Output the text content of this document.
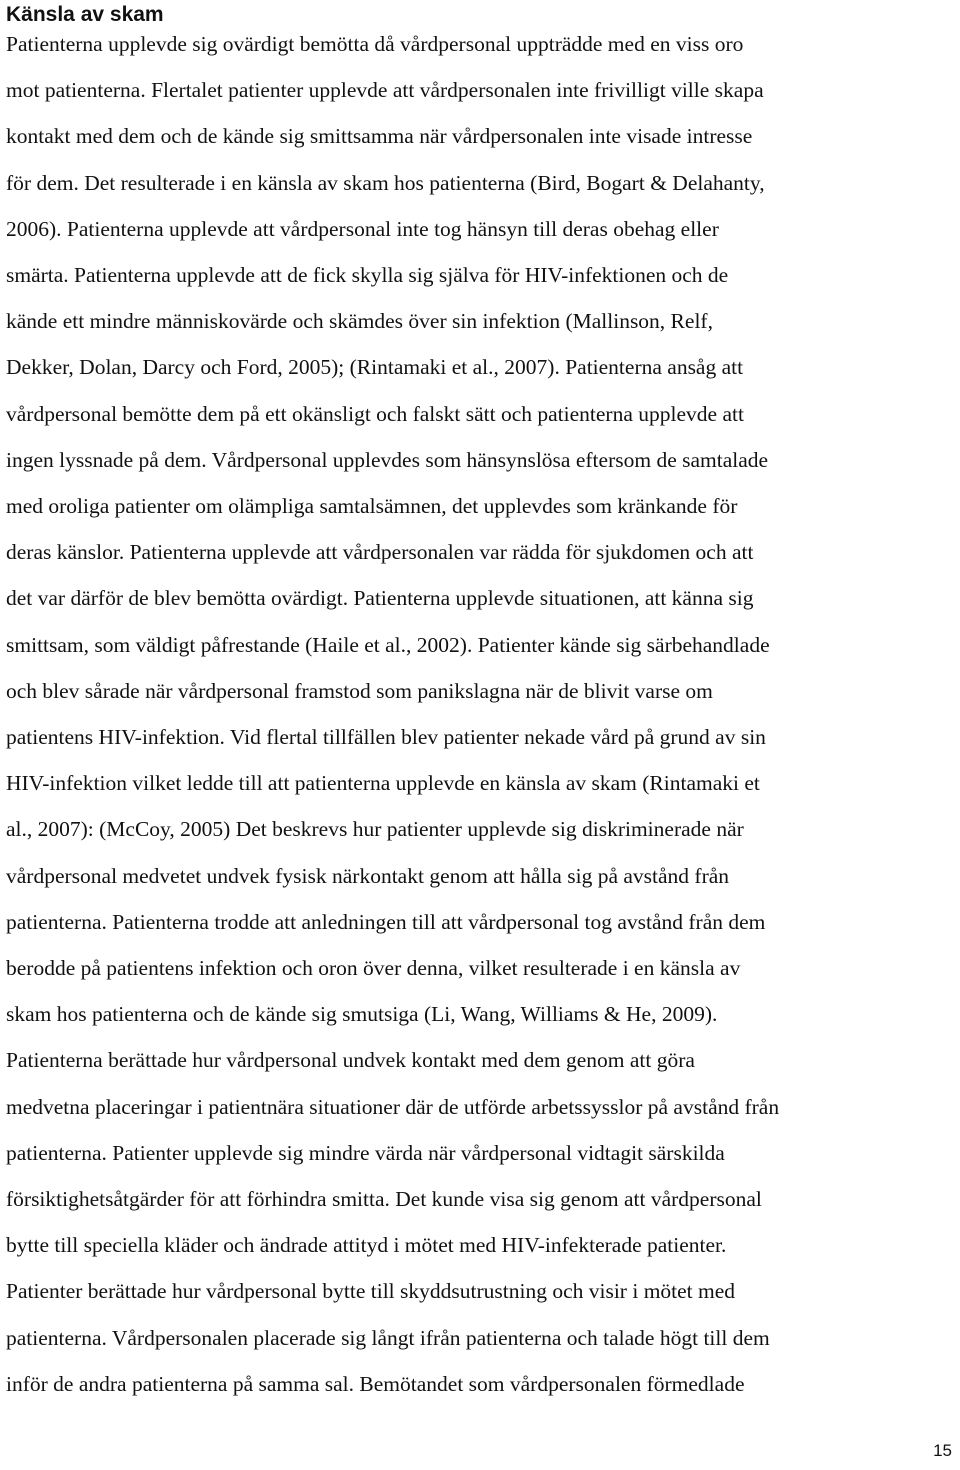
Känsla av skam
Patienterna upplevde sig ovärdigt bemötta då vårdpersonal uppträdde med en viss oro
mot patienterna. Flertalet patienter upplevde att vårdpersonalen inte frivilligt ville skapa
kontakt med dem och de kände sig smittsamma när vårdpersonalen inte visade intresse
för dem. Det resulterade i en känsla av skam hos patienterna (Bird, Bogart & Delahanty,
2006). Patienterna upplevde att vårdpersonal inte tog hänsyn till deras obehag eller
smärta. Patienterna upplevde att de fick skylla sig själva för HIV-infektionen och de
kände ett mindre människovärde och skämdes över sin infektion (Mallinson, Relf,
Dekker, Dolan, Darcy och Ford, 2005); (Rintamaki et al., 2007). Patienterna ansåg att
vårdpersonal bemötte dem på ett okänsligt och falskt sätt och patienterna upplevde att
ingen lyssnade på dem. Vårdpersonal upplevdes som hänsynslösa eftersom de samtalade
med oroliga patienter om olämpliga samtalsämnen, det upplevdes som kränkande för
deras känslor. Patienterna upplevde att vårdpersonalen var rädda för sjukdomen och att
det var därför de blev bemötta ovärdigt. Patienterna upplevde situationen, att känna sig
smittsam, som väldigt påfrestande (Haile et al., 2002). Patienter kände sig särbehandlade
och blev sårade när vårdpersonal framstod som panikslagna när de blivit varse om
patientens HIV-infektion. Vid flertal tillfällen blev patienter nekade vård på grund av sin
HIV-infektion vilket ledde till att patienterna upplevde en känsla av skam (Rintamaki et
al., 2007): (McCoy, 2005) Det beskrevs hur patienter upplevde sig diskriminerade när
vårdpersonal medvetet undvek fysisk närkontakt genom att hålla sig på avstånd från
patienterna. Patienterna trodde att anledningen till att vårdpersonal tog avstånd från dem
berodde på patientens infektion och oron över denna, vilket resulterade i en känsla av
skam hos patienterna och de kände sig smutsiga (Li, Wang, Williams & He, 2009).
Patienterna berättade hur vårdpersonal undvek kontakt med dem genom att göra
medvetna placeringar i patientnära situationer där de utförde arbetssysslor på avstånd från
patienterna. Patienter upplevde sig mindre värda när vårdpersonal vidtagit särskilda
försiktighetsåtgärder för att förhindra smitta. Det kunde visa sig genom att vårdpersonal
bytte till speciella kläder och ändrade attityd i mötet med HIV-infekterade patienter.
Patienter berättade hur vårdpersonal bytte till skyddsutrustning och visir i mötet med
patienterna. Vårdpersonalen placerade sig långt ifrån patienterna och talade högt till dem
inför de andra patienterna på samma sal. Bemötandet som vårdpersonalen förmedlade
15
